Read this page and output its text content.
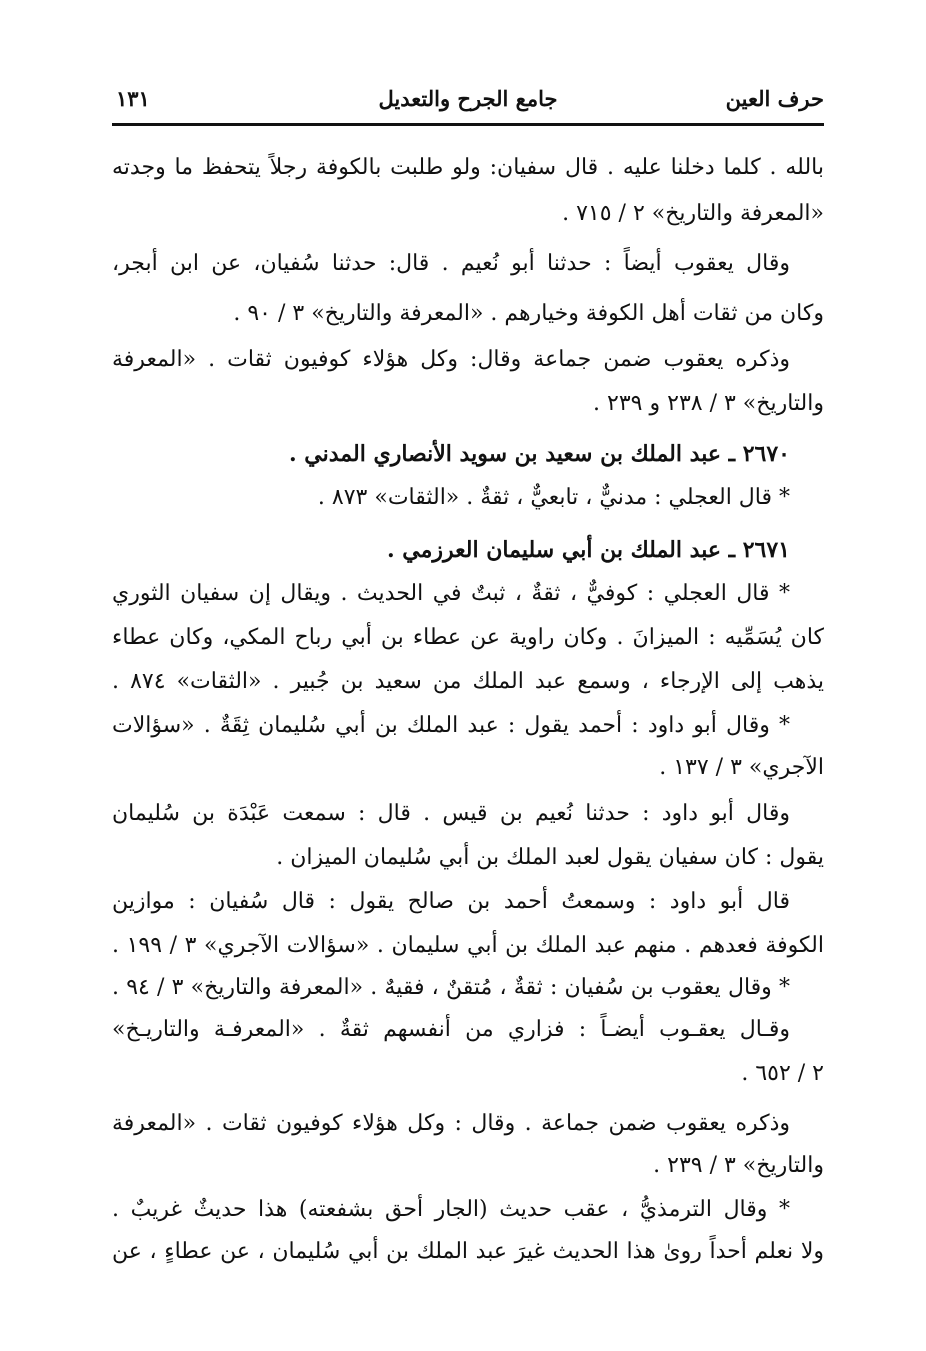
حرف العين
جامع الجرح والتعديل
١٣١
بالله . كلما دخلنا عليه . قال سفيان: ولو طلبت بالكوفة رجلاً يتحفظ ما وجدته
«المعرفة والتاريخ» ٢ / ٧١٥ .
وقال يعقوب أيضاً : حدثنا أبو نُعيم . قال: حدثنا سُفيان، عن ابن أبجر،
وكان من ثقات أهل الكوفة وخيارهم . «المعرفة والتاريخ» ٣ / ٩٠ .
وذكره يعقوب ضمن جماعة وقال: وكل هؤلاء كوفيون ثقات . «المعرفة
والتاريخ» ٣ / ٢٣٨ و ٢٣٩ .
٢٦٧٠ ـ عبد الملك بن سعيد بن سويد الأنصاري المدني .
* قال العجلي : مدنيٌّ ، تابعيٌّ ، ثقةٌ . «الثقات» ٨٧٣ .
٢٦٧١ ـ عبد الملك بن أبي سليمان العرزمي .
* قال العجلي : كوفيٌّ ، ثقةٌ ، ثبتٌ في الحديث . ويقال إن سفيان الثوري
كان يُسَمِّيه : الميزانَ . وكان راوية عن عطاء بن أبي رباح المكي، وكان عطاء
يذهب إلى الإرجاء ، وسمع عبد الملك من سعيد بن جُبير . «الثقات» ٨٧٤ .
* وقال أبو داود : أحمد يقول : عبد الملك بن أبي سُليمان ثِقَةٌ . «سؤالات
الآجري» ٣ / ١٣٧ .
وقال أبو داود : حدثنا نُعيم بن قيس . قال : سمعت عَبْدَة بن سُليمان
يقول : كان سفيان يقول لعبد الملك بن أبي سُليمان الميزان .
قال أبو داود : وسمعتُ أحمد بن صالح يقول : قال سُفيان : موازين
الكوفة فعدهم . منهم عبد الملك بن أبي سليمان . «سؤالات الآجري» ٣ / ١٩٩ .
* وقال يعقوب بن سُفيان : ثقةٌ ، مُتقنٌ ، فقيهٌ . «المعرفة والتاريخ» ٣ / ٩٤ .
وقـال يعقـوب أيضـاً : فزاري من أنفسهم ثقةٌ . «المعرفـة والتاريـخ»
٢ / ٦٥٢ .
وذكره يعقوب ضمن جماعة . وقال : وكل هؤلاء كوفيون ثقات . «المعرفة
والتاريخ» ٣ / ٢٣٩ .
* وقال الترمذيُّ ، عقب حديث (الجار أحق بشفعته) هذا حديثٌ غريبٌ .
ولا نعلم أحداً روىٰ هذا الحديث غيرَ عبد الملك بن أبي سُليمان ، عن عطاءٍ ، عن
